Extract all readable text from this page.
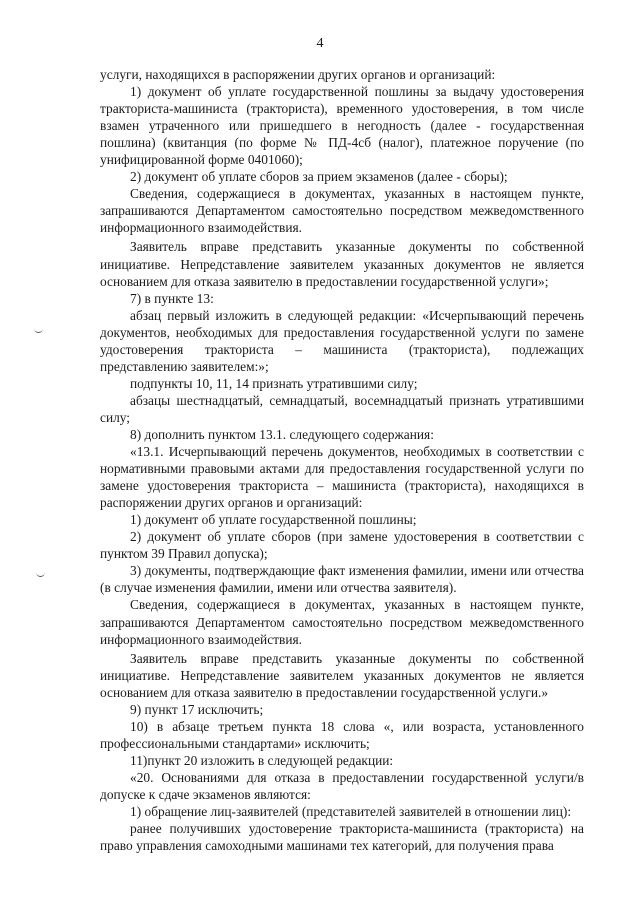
4

услуги, находящихся в распоряжении других органов и организаций:

1) документ об уплате государственной пошлины за выдачу удостоверения тракториста-машиниста (тракториста), временного удостоверения, в том числе взамен утраченного или пришедшего в негодность (далее - государственная пошлина) (квитанция (по форме № ПД-4сб (налог), платежное поручение (по унифицированной форме 0401060);

2) документ об уплате сборов за прием экзаменов (далее - сборы);

Сведения, содержащиеся в документах, указанных в настоящем пункте, запрашиваются Департаментом самостоятельно посредством межведомственного информационного взаимодействия.

Заявитель вправе представить указанные документы по собственной инициативе. Непредставление заявителем указанных документов не является основанием для отказа заявителю в предоставлении государственной услуги»;

7) в пункте 13:

абзац первый изложить в следующей редакции: «Исчерпывающий перечень документов, необходимых для предоставления государственной услуги по замене удостоверения тракториста – машиниста (тракториста), подлежащих представлению заявителем:»;

подпункты 10, 11, 14 признать утратившими силу;

абзацы шестнадцатый, семнадцатый, восемнадцатый признать утратившими силу;

8) дополнить пунктом 13.1. следующего содержания:

«13.1. Исчерпывающий перечень документов, необходимых в соответствии с нормативными правовыми актами для предоставления государственной услуги по замене удостоверения тракториста – машиниста (тракториста), находящихся в распоряжении других органов и организаций:

1) документ об уплате государственной пошлины;

2) документ об уплате сборов (при замене удостоверения в соответствии с пунктом 39 Правил допуска);

3) документы, подтверждающие факт изменения фамилии, имени или отчества (в случае изменения фамилии, имени или отчества заявителя).

Сведения, содержащиеся в документах, указанных в настоящем пункте, запрашиваются Департаментом самостоятельно посредством межведомственного информационного взаимодействия.

Заявитель вправе представить указанные документы по собственной инициативе. Непредставление заявителем указанных документов не является основанием для отказа заявителю в предоставлении государственной услуги.»

9) пункт 17 исключить;

10) в абзаце третьем пункта 18 слова «, или возраста, установленного профессиональными стандартами» исключить;

11)пункт 20 изложить в следующей редакции:

«20. Основаниями для отказа в предоставлении государственной услуги/в допуске к сдаче экзаменов являются:

1) обращение лиц-заявителей (представителей заявителей в отношении лиц):

ранее получивших удостоверение тракториста-машиниста (тракториста) на право управления самоходными машинами тех категорий, для получения права
